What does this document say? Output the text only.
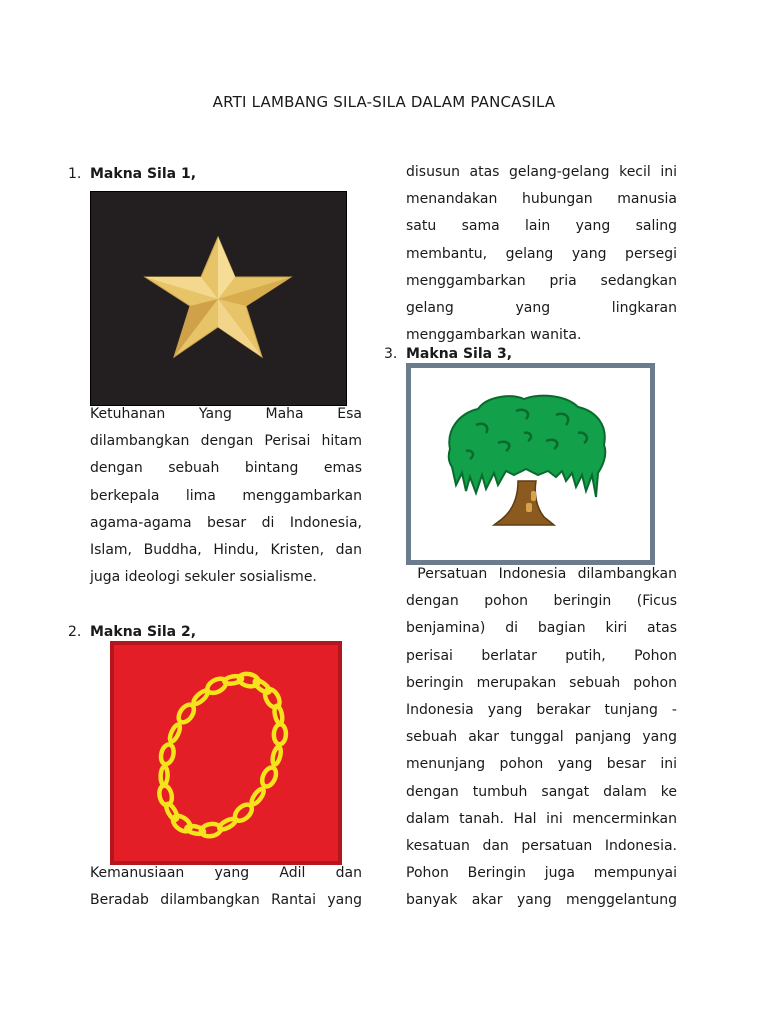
ARTI LAMBANG SILA-SILA DALAM PANCASILA
1. Makna Sila 1,
Ketuhanan Yang Maha Esa
dilambangkan dengan Perisai hitam
dengan sebuah bintang emas
berkepala lima menggambarkan
agama-agama besar di Indonesia,
Islam, Buddha, Hindu, Kristen, dan
juga ideologi sekuler sosialisme.
2. Makna Sila 2,
Kemanusiaan yang Adil dan
Beradab dilambangkan Rantai yang
disusun atas gelang-gelang kecil ini
menandakan hubungan manusia
satu sama lain yang saling
membantu, gelang yang persegi
menggambarkan pria sedangkan
gelang yang lingkaran
menggambarkan wanita.
3. Makna Sila 3,
Persatuan Indonesia dilambangkan
dengan pohon beringin (Ficus
benjamina) di bagian kiri atas
perisai berlatar putih, Pohon
beringin merupakan sebuah pohon
Indonesia yang berakar tunjang -
sebuah akar tunggal panjang yang
menunjang pohon yang besar ini
dengan tumbuh sangat dalam ke
dalam tanah. Hal ini mencerminkan
kesatuan dan persatuan Indonesia.
Pohon Beringin juga mempunyai
banyak akar yang menggelantung
